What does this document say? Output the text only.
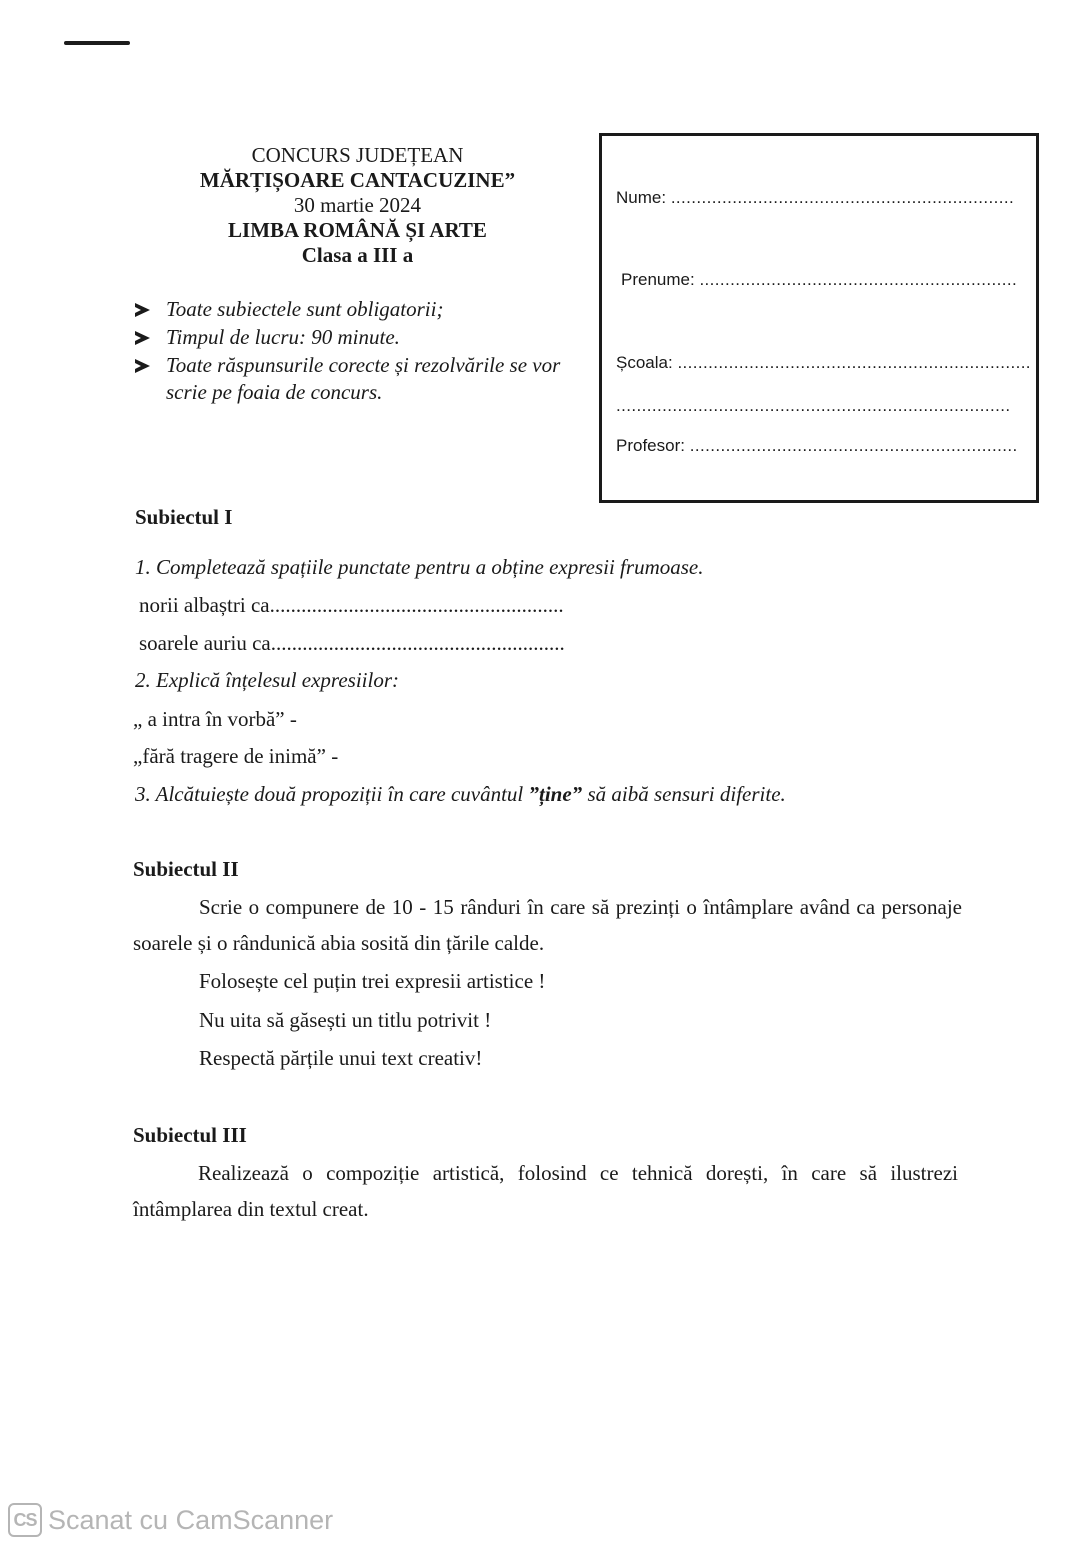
CONCURS JUDEȚEAN
MĂRȚIȘOARE CANTACUZINE”
30 martie 2024
LIMBA ROMÂNĂ ȘI ARTE
Clasa a III a
Toate subiectele sunt obligatorii;
Timpul de lucru: 90 minute.
Toate răspunsurile corecte și rezolvările se vor scrie pe foaia de concurs.
Nume: ...................................................................
Prenume: ..............................................................
Școala: .....................................................................
.............................................................................
Profesor: ................................................................
Subiectul I
1. Completează spațiile punctate pentru a obține expresii frumoase.
norii albaștri ca........................................................
soarele auriu ca........................................................
2. Explică înțelesul expresiilor:
„ a intra în vorbă” -
„fără tragere de inimă” -
3. Alcătuiește două propoziții în care cuvântul ”ține” să aibă sensuri diferite.
Subiectul II
Scrie o compunere de 10 - 15 rânduri în care să prezinți o întâmplare având ca personaje soarele și o rândunică abia sosită din țările calde.
Folosește cel puțin trei expresii artistice !
Nu uita să găsești un titlu potrivit !
Respectă părțile unui text creativ!
Subiectul III
Realizează o compoziție artistică, folosind ce tehnică dorești, în care să ilustrezi întâmplarea din textul creat.
CS Scanat cu CamScanner
